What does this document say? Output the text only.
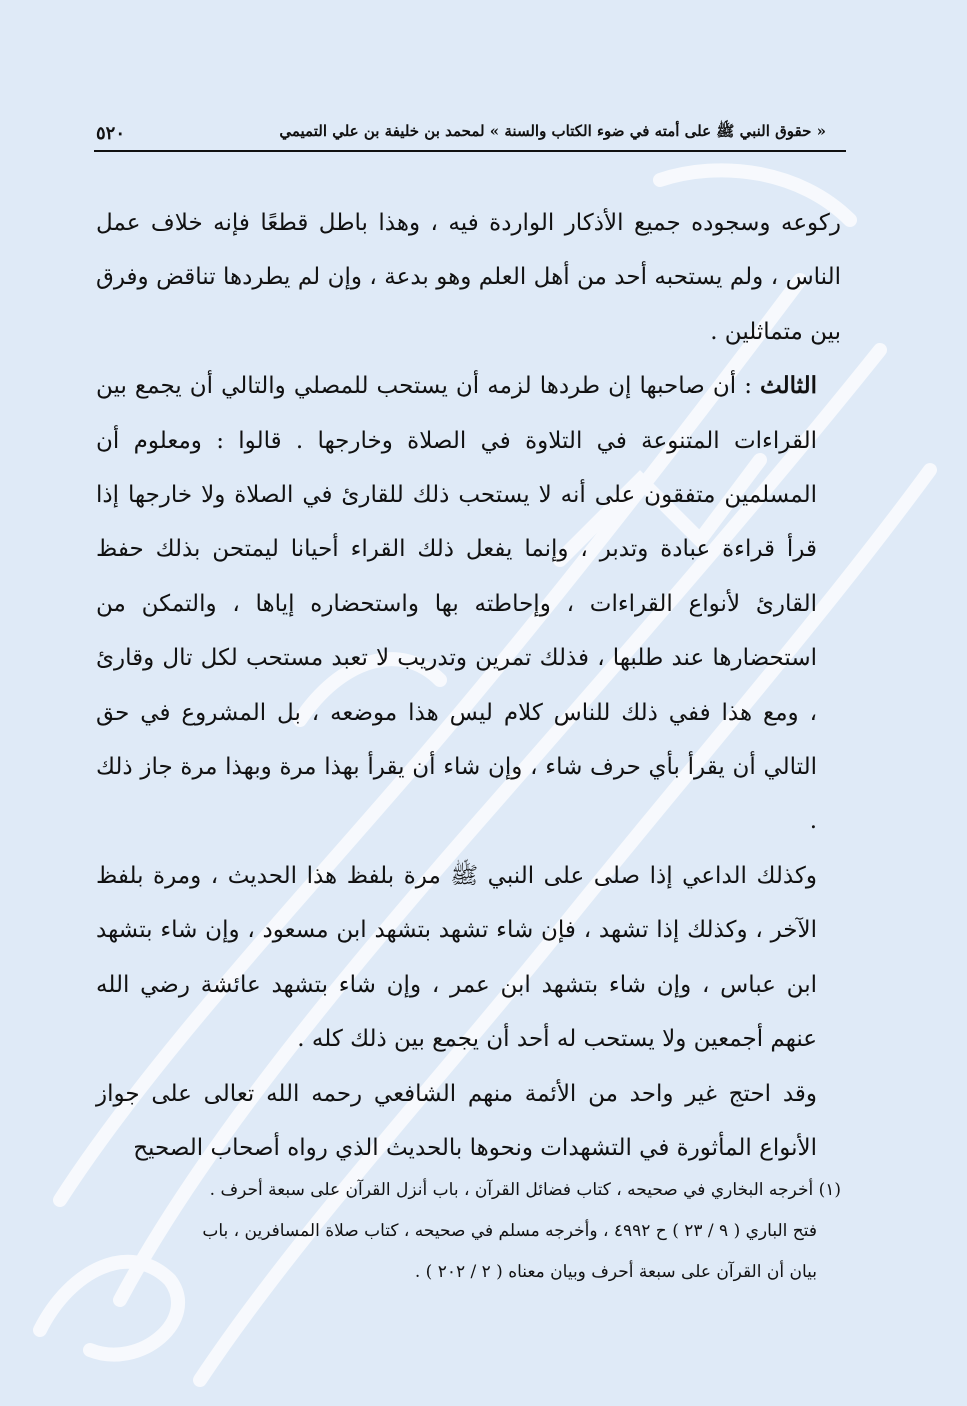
« حقوق النبي ﷺ على أمته في ضوء الكتاب والسنة » لمحمد بن خليفة بن علي التميمي
٥٢٠

ركوعه وسجوده جميع الأذكار الواردة فيه ، وهذا باطل قطعًا فإنه خلاف عمل الناس ، ولم يستحبه أحد من أهل العلم وهو بدعة ، وإن لم يطردها تناقض وفرق بين متماثلين .

الثالث : أن صاحبها إن طردها لزمه أن يستحب للمصلي والتالي أن يجمع بين القراءات المتنوعة في التلاوة في الصلاة وخارجها . قالوا : ومعلوم أن المسلمين متفقون على أنه لا يستحب ذلك للقارئ في الصلاة ولا خارجها إذا قرأ قراءة عبادة وتدبر ، وإنما يفعل ذلك القراء أحيانا ليمتحن بذلك حفظ القارئ لأنواع القراءات ، وإحاطته بها واستحضاره إياها ، والتمكن من استحضارها عند طلبها ، فذلك تمرين وتدريب لا تعبد مستحب لكل تال وقارئ ، ومع هذا ففي ذلك للناس كلام ليس هذا موضعه ، بل المشروع في حق التالي أن يقرأ بأي حرف شاء ، وإن شاء أن يقرأ بهذا مرة وبهذا مرة جاز ذلك .

وكذلك الداعي إذا صلى على النبي ﷺ مرة بلفظ هذا الحديث ، ومرة بلفظ الآخر ، وكذلك إذا تشهد ، فإن شاء تشهد بتشهد ابن مسعود ، وإن شاء بتشهد ابن عباس ، وإن شاء بتشهد ابن عمر ، وإن شاء بتشهد عائشة رضي الله عنهم أجمعين ولا يستحب له أحد أن يجمع بين ذلك كله .

وقد احتج غير واحد من الأئمة منهم الشافعي رحمه الله تعالى على جواز الأنواع المأثورة في التشهدات ونحوها بالحديث الذي رواه أصحاب الصحيح

(١) أخرجه البخاري في صحيحه ، كتاب فضائل القرآن ، باب أنزل القرآن على سبعة أحرف .

فتح الباري ( ٩ / ٢٣ ) ح ٤٩٩٢ ، وأخرجه مسلم في صحيحه ، كتاب صلاة المسافرين ، باب

بيان أن القرآن على سبعة أحرف وبيان معناه ( ٢ / ٢٠٢ ) .
